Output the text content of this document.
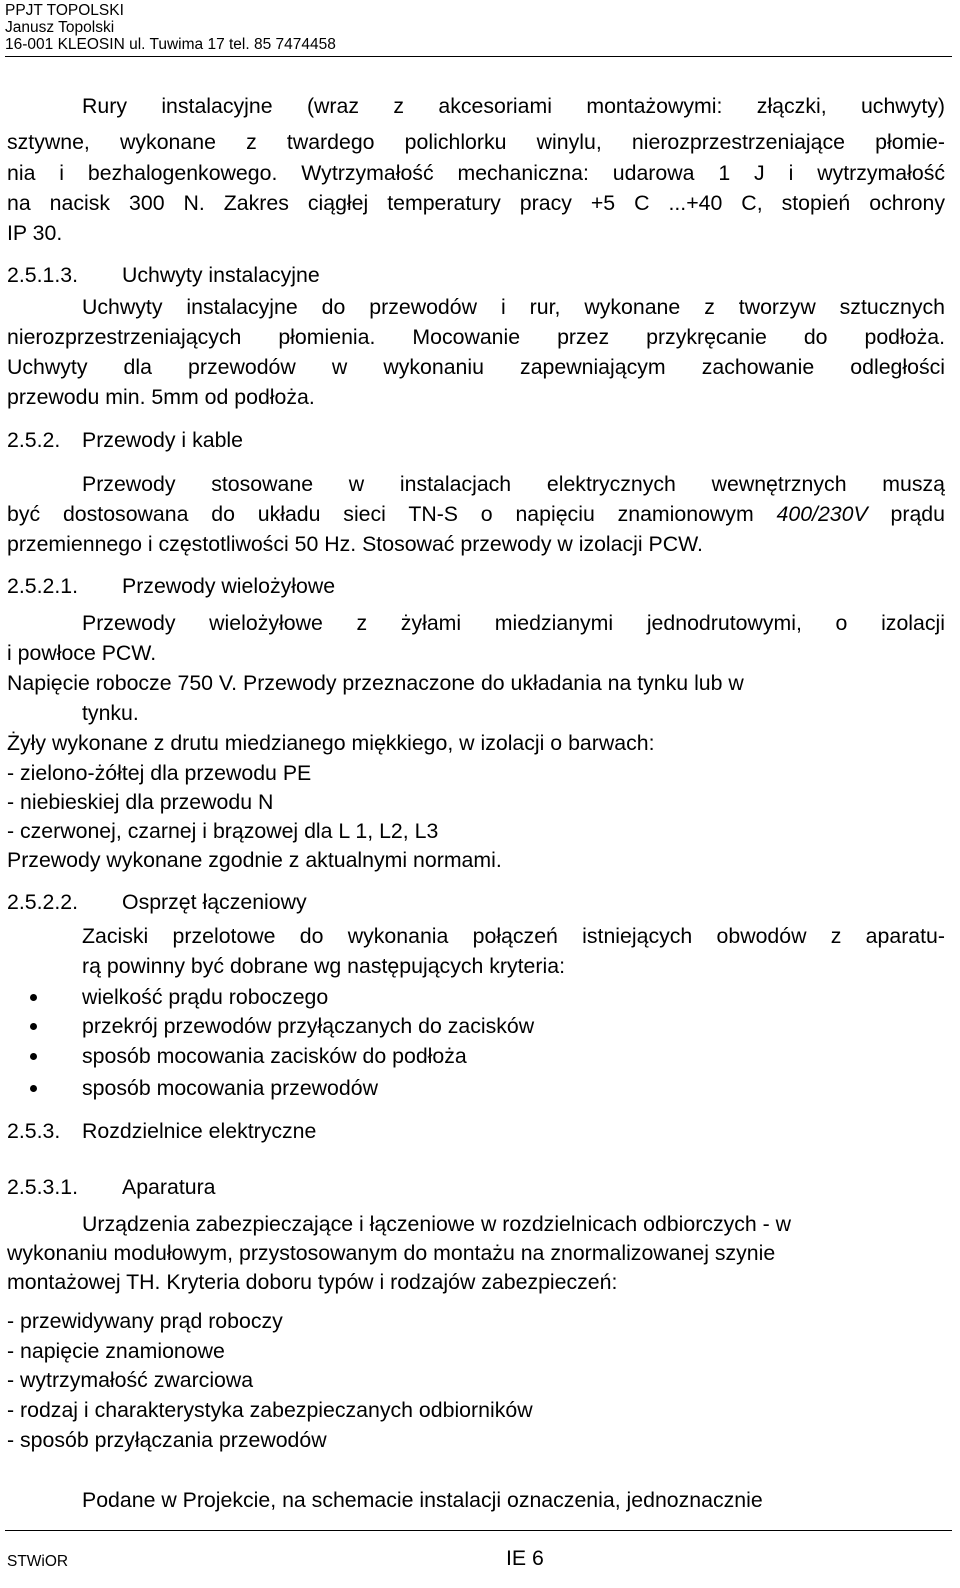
PPJT TOPOLSKI
Janusz Topolski
16-001 KLEOSIN ul. Tuwima 17 tel. 85 7474458
Rury instalacyjne (wraz z akcesoriami montażowymi: złączki, uchwyty)
sztywne, wykonane z twardego polichlorku winylu, nierozprzestrzeniające płomie-
nia i bezhalogenkowego. Wytrzymałość mechaniczna: udarowa 1 J i wytrzymałość
na nacisk 300 N. Zakres ciągłej temperatury pracy +5 C ...+40 C, stopień ochrony
IP 30.
2.5.1.3. Uchwyty instalacyjne
Uchwyty instalacyjne do przewodów i rur, wykonane z tworzyw sztucznych
nierozprzestrzeniających płomienia. Mocowanie przez przykręcanie do podłoża.
Uchwyty dla przewodów w wykonaniu zapewniającym zachowanie odległości
przewodu min. 5mm od podłoża.
2.5.2. Przewody i kable
Przewody stosowane w instalacjach elektrycznych wewnętrznych muszą
być dostosowana do układu sieci TN-S o napięciu znamionowym 400/230V prądu
przemiennego i częstotliwości 50 Hz. Stosować przewody w izolacji PCW.
2.5.2.1. Przewody wielożyłowe
Przewody wielożyłowe z żyłami miedzianymi jednodrutowymi, o izolacji
i powłoce PCW.
Napięcie robocze 750 V. Przewody przeznaczone do układania na tynku lub w
tynku.
Żyły wykonane z drutu miedzianego miękkiego, w izolacji o barwach:
- zielono-żółtej dla przewodu PE
- niebieskiej dla przewodu N
- czerwonej, czarnej i brązowej dla L 1, L2, L3
Przewody wykonane zgodnie z aktualnymi normami.
2.5.2.2. Osprzęt łączeniowy
Zaciski przelotowe do wykonania połączeń istniejących obwodów z aparatu-
rą powinny być dobrane wg następujących kryteria:
wielkość prądu roboczego
przekrój przewodów przyłączanych do zacisków
sposób mocowania zacisków do podłoża
sposób mocowania przewodów
2.5.3. Rozdzielnice elektryczne
2.5.3.1. Aparatura
Urządzenia zabezpieczające i łączeniowe w rozdzielnicach odbiorczych - w
wykonaniu modułowym, przystosowanym do montażu na znormalizowanej szynie
montażowej TH. Kryteria doboru typów i rodzajów zabezpieczeń:
- przewidywany prąd roboczy
- napięcie znamionowe
- wytrzymałość zwarciowa
- rodzaj i charakterystyka zabezpieczanych odbiorników
- sposób przyłączania przewodów
Podane w Projekcie, na schemacie instalacji oznaczenia, jednoznacznie
STWiOR	IE 6
